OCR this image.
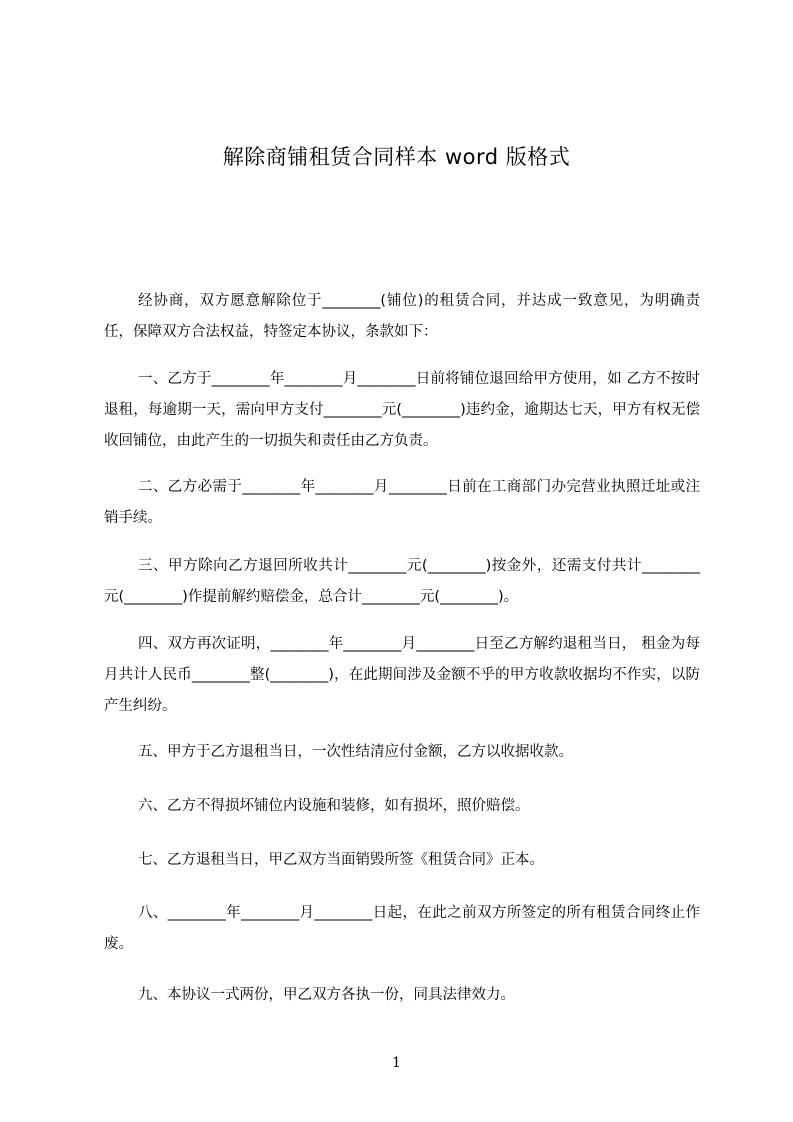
解除商铺租赁合同样本 word 版格式
经协商，双方愿意解除位于________(铺位)的租赁合同，并达成一致意见，为明确责任，保障双方合法权益，特签定本协议，条款如下：
一、乙方于________年________月________日前将铺位退回给甲方使用，如 乙方不按时退租，每逾期一天，需向甲方支付________元(________)违约金，逾期达七天，甲方有权无偿收回铺位，由此产生的一切损失和责任由乙方负责。
二、乙方必需于________年________月________日前在工商部门办完营业执照迁址或注销手续。
三、甲方除向乙方退回所收共计________元(________)按金外，还需支付共计________元(________)作提前解约赔偿金，总合计________元(________)。
四、双方再次证明，________年________月________日至乙方解约退租当日， 租金为每月共计人民币________整(________)，在此期间涉及金额不乎的甲方收款收据均不作实，以防产生纠纷。
五、甲方于乙方退租当日，一次性结清应付金额，乙方以收据收款。
六、乙方不得损坏铺位内设施和装修，如有损坏，照价赔偿。
七、乙方退租当日，甲乙双方当面销毁所签《租赁合同》正本。
八、________年________月________日起，在此之前双方所签定的所有租赁合同终止作废。
九、本协议一式两份，甲乙双方各执一份，同具法律效力。
1
